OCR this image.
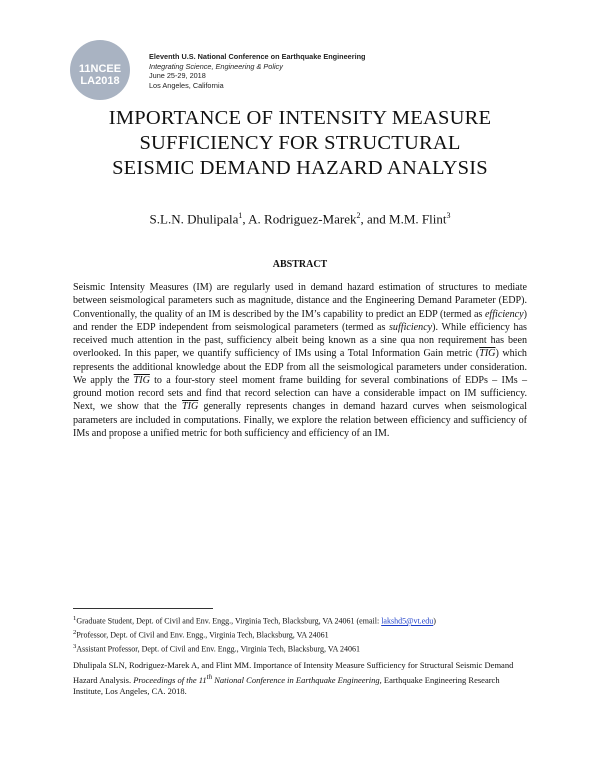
11NCEE
LA2018
Eleventh U.S. National Conference on Earthquake Engineering
Integrating Science, Engineering & Policy
June 25-29, 2018
Los Angeles, California
IMPORTANCE OF INTENSITY MEASURE
SUFFICIENCY FOR STRUCTURAL
SEISMIC DEMAND HAZARD ANALYSIS
S.L.N. Dhulipala$^1$, A. Rodriguez-Marek$^2$, and M.M. Flint$^3$
ABSTRACT

Seismic Intensity Measures (IM) are regularly used in demand hazard estimation of structures to mediate between seismological parameters such as magnitude, distance and the Engineering Demand Parameter (EDP). Conventionally, the quality of an IM is described by the IM’s capability to predict an EDP (termed as efficiency) and render the EDP independent from seismological parameters (termed as sufficiency). While efficiency has received much attention in the past, sufficiency albeit being known as a sine qua non requirement has been overlooked. In this paper, we quantify sufficiency of IMs using a Total Information Gain metric $(\overline{TIG})$ which represents the additional knowledge about the EDP from all the seismological parameters under consideration. We apply the $\overline{TIG}$ to a four-story steel moment frame building for several combinations of EDPs – IMs – ground motion record sets and find that record selection can have a considerable impact on IM sufficiency. Next, we show that the $\overline{TIG}$ generally represents changes in demand hazard curves when seismological parameters are included in computations. Finally, we explore the relation between efficiency and sufficiency of IMs and propose a unified metric for both sufficiency and efficiency of an IM.

$^1$Graduate Student, Dept. of Civil and Env. Engg., Virginia Tech, Blacksburg, VA 24061 (email: lakshd5@vt.edu)
$^2$Professor, Dept. of Civil and Env. Engg., Virginia Tech, Blacksburg, VA 24061
$^3$Assistant Professor, Dept. of Civil and Env. Engg., Virginia Tech, Blacksburg, VA 24061

Dhulipala SLN, Rodriguez-Marek A, and Flint MM. Importance of Intensity Measure Sufficiency for Structural Seismic Demand Hazard Analysis. Proceedings of the 11th National Conference in Earthquake Engineering, Earthquake Engineering Research Institute, Los Angeles, CA. 2018.
